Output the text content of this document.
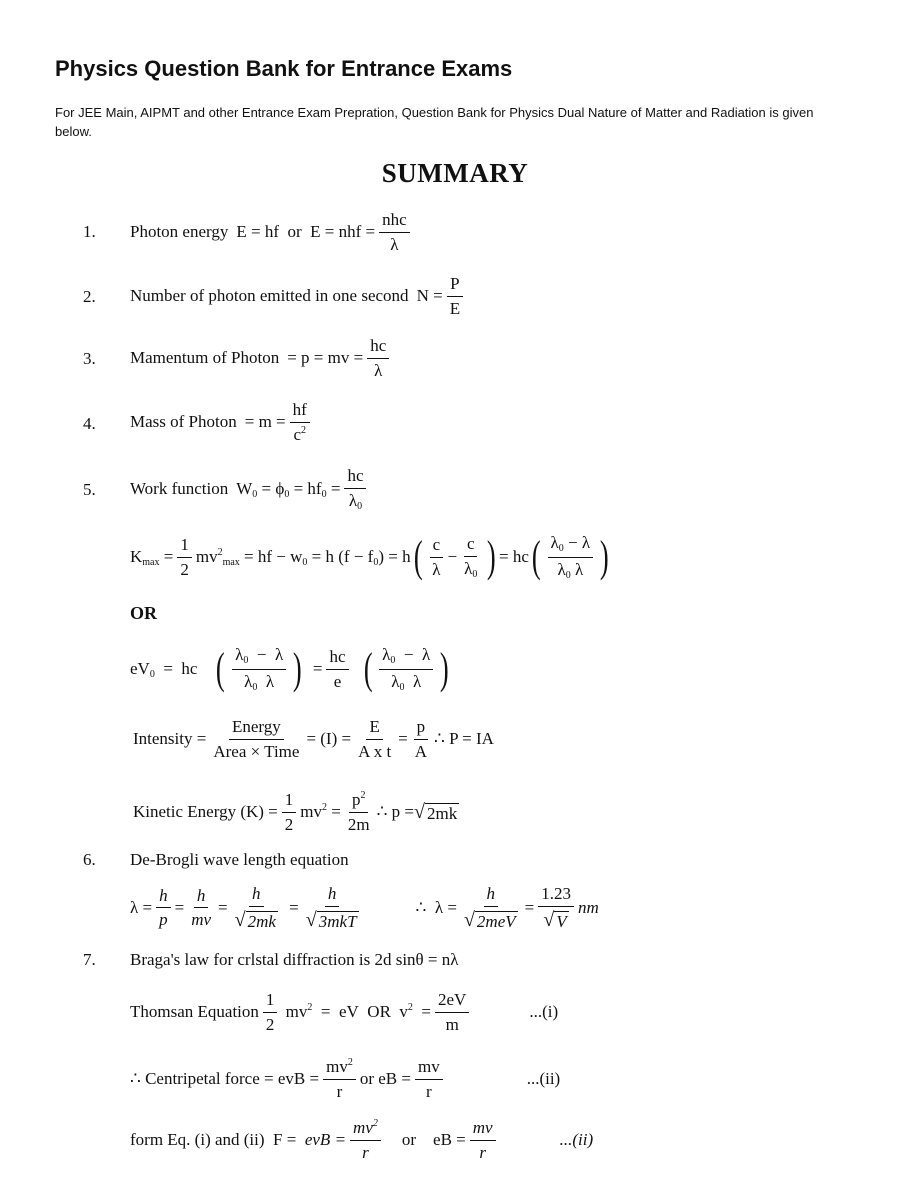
Physics Question Bank for Entrance Exams
For JEE Main, AIPMT and other Entrance Exam Prepration, Question Bank for Physics Dual Nature of Matter and Radiation is given below.
SUMMARY
1. Photon energy E = hf  or  E = nhf = $\frac{\text{nhc}}{\lambda}$
2. Number of photon emitted in one second $N = \frac{P}{E}$
3. Mamentum of Photon = p = mv = $\frac{hc}{\lambda}$
4. Mass of Photon = $m = \frac{hf}{c^2}$
5. Work function $W_0 = \phi_0 = hf_0 = \frac{hc}{\lambda_0}$
$K_{max} = \frac{1}{2} mv^2_{max}$ = hf − $w_0 = h$ $(f - f_0) = h$ ( $\frac{c}{\lambda} - \frac{c}{\lambda_0}$ ) = hc ( $\frac{\lambda_0 - \lambda}{\lambda_0 \lambda}$ )
OR
$eV_0$  =  hc ( $\frac{\lambda_0 - \lambda}{\lambda_0 \lambda}$ ) = $\frac{hc}{e}$ ( $\frac{\lambda_0 - \lambda}{\lambda_0 \lambda}$ )
Intensity = $\frac{\text{Energy}}{\text{Area × Time}} = (I) = \frac{E}{\text{A x t}} = \frac{p}{A}$ ∴ P = IA
Kinetic Energy $(K) = \frac{1}{2} mv^2 = \frac{p^2}{2m}$ ∴ p = √ 2mk
6. De-Brogli wave length equation
$\lambda = \frac{h}{p} = \frac{h}{mv} = \frac{h}{√ 2mk} = \frac{h}{\text{√ 3mkT}}$	∴  $\lambda = \frac{h}{\text{√ 2meV}} = \frac{1.23}{√ V}$ nm
7. Braga's law for crlstal diffraction is 2d sinθ = nλ
Thomsan Equation $\frac{1}{2} mv^2$  =  eV  OR  $v^2 = \frac{2eV}{m}$	...(i)
∴ Centripetal force = evB = $\frac{mv^2}{r}$ or eB = $\frac{mv}{r}$	...(ii)
form Eq. (i) and (ii) F = evB = $\frac{mv^2}{r}$ or    eB = $\frac{mv}{r}$	...(ii)
